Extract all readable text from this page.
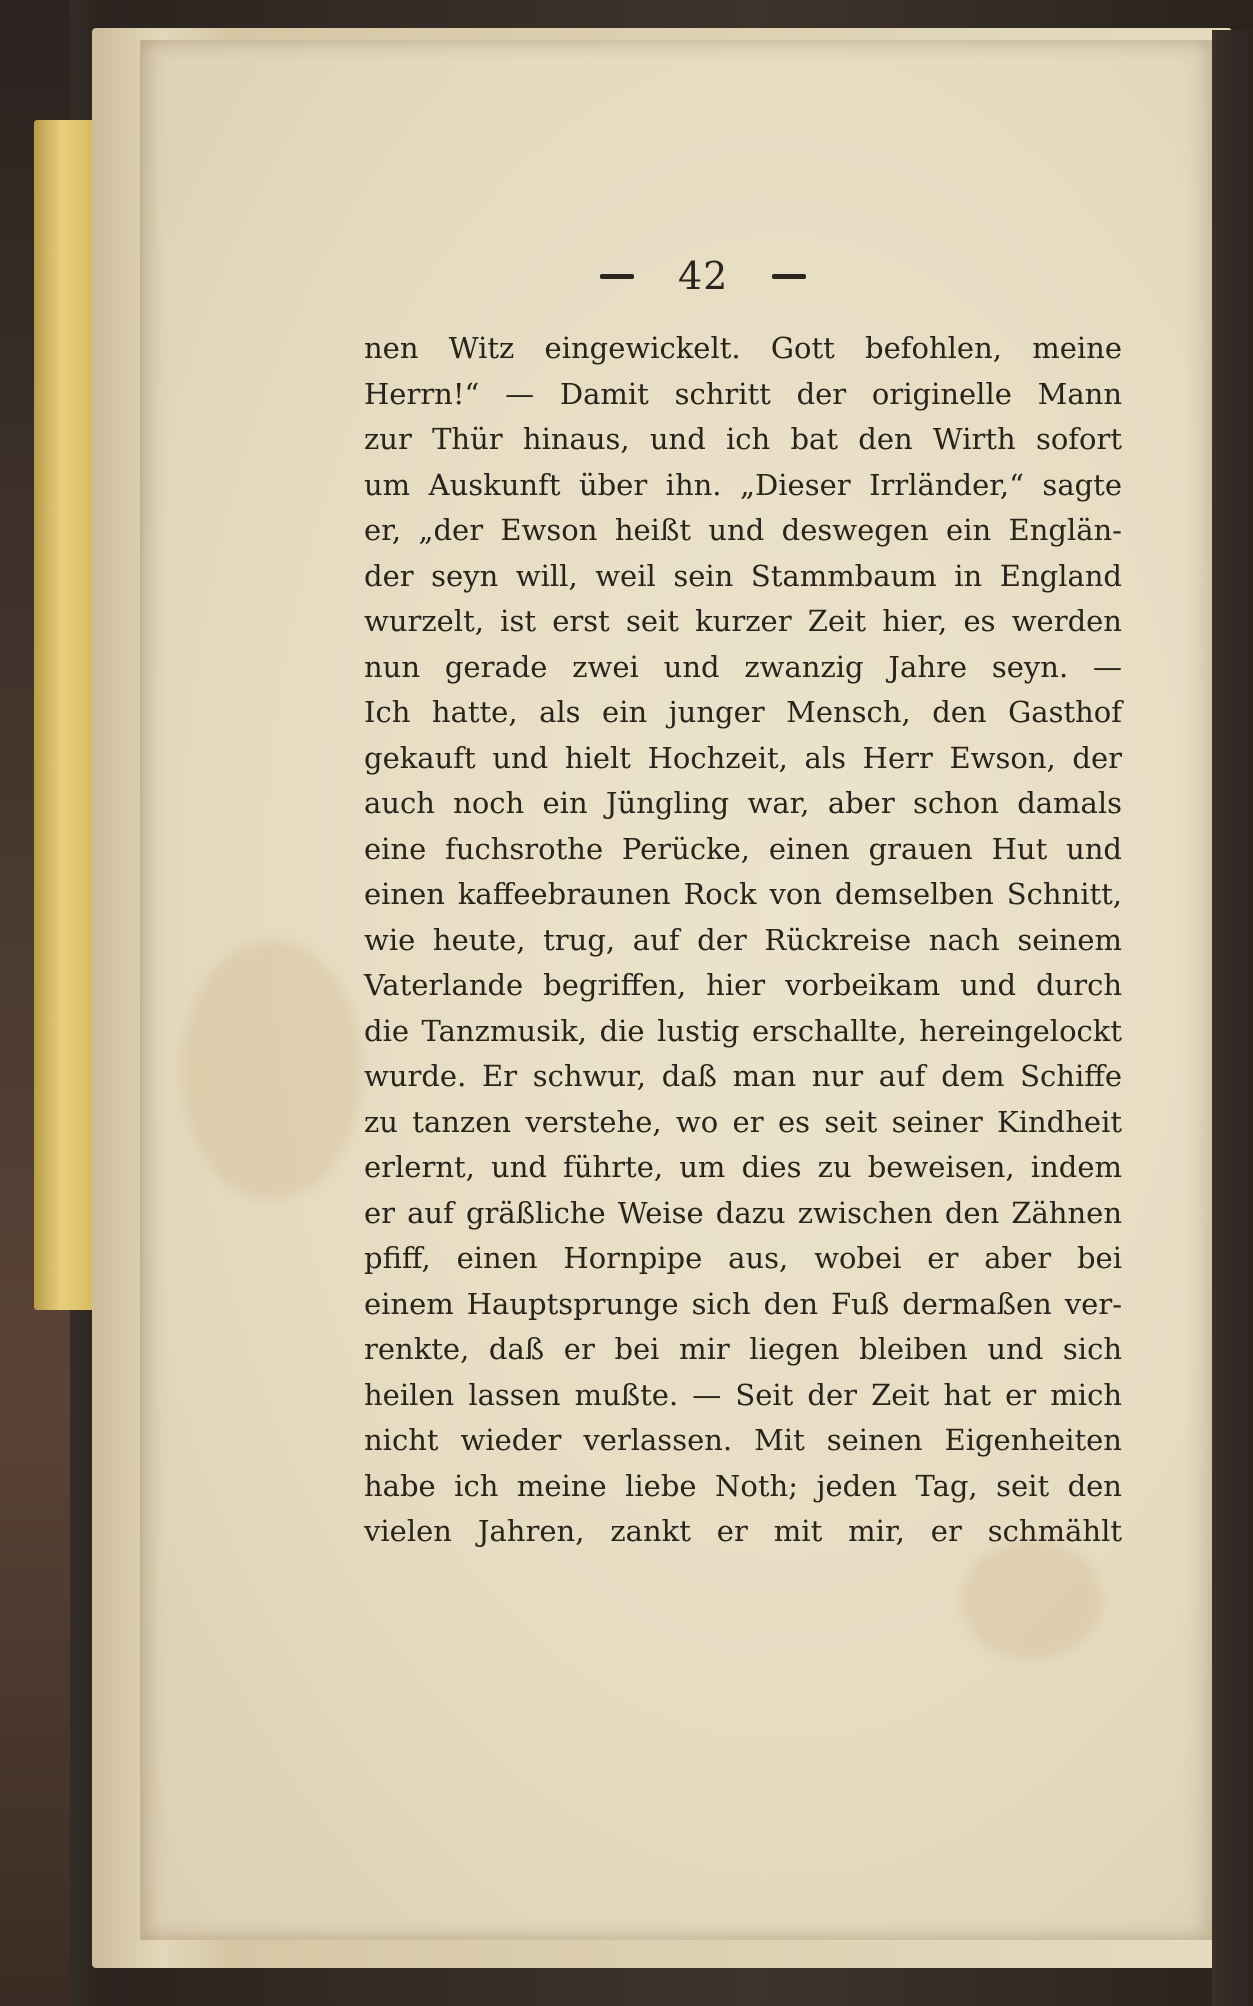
42
nen Witz eingewickelt. Gott befohlen, meine
Herrn!“ — Damit schritt der originelle Mann
zur Thür hinaus, und ich bat den Wirth sofort
um Auskunft über ihn. „Dieser Irrländer,“ sagte
er, „der Ewson heißt und deswegen ein Englän-
der seyn will, weil sein Stammbaum in England
wurzelt, ist erst seit kurzer Zeit hier, es werden
nun gerade zwei und zwanzig Jahre seyn. —
Ich hatte, als ein junger Mensch, den Gasthof
gekauft und hielt Hochzeit, als Herr Ewson, der
auch noch ein Jüngling war, aber schon damals
eine fuchsrothe Perücke, einen grauen Hut und
einen kaffeebraunen Rock von demselben Schnitt,
wie heute, trug, auf der Rückreise nach seinem
Vaterlande begriffen, hier vorbeikam und durch
die Tanzmusik, die lustig erschallte, hereingelockt
wurde. Er schwur, daß man nur auf dem Schiffe
zu tanzen verstehe, wo er es seit seiner Kindheit
erlernt, und führte, um dies zu beweisen, indem
er auf gräßliche Weise dazu zwischen den Zähnen
pfiff, einen Hornpipe aus, wobei er aber bei
einem Hauptsprunge sich den Fuß dermaßen ver-
renkte, daß er bei mir liegen bleiben und sich
heilen lassen mußte. — Seit der Zeit hat er mich
nicht wieder verlassen. Mit seinen Eigenheiten
habe ich meine liebe Noth; jeden Tag, seit den
vielen Jahren, zankt er mit mir, er schmählt
